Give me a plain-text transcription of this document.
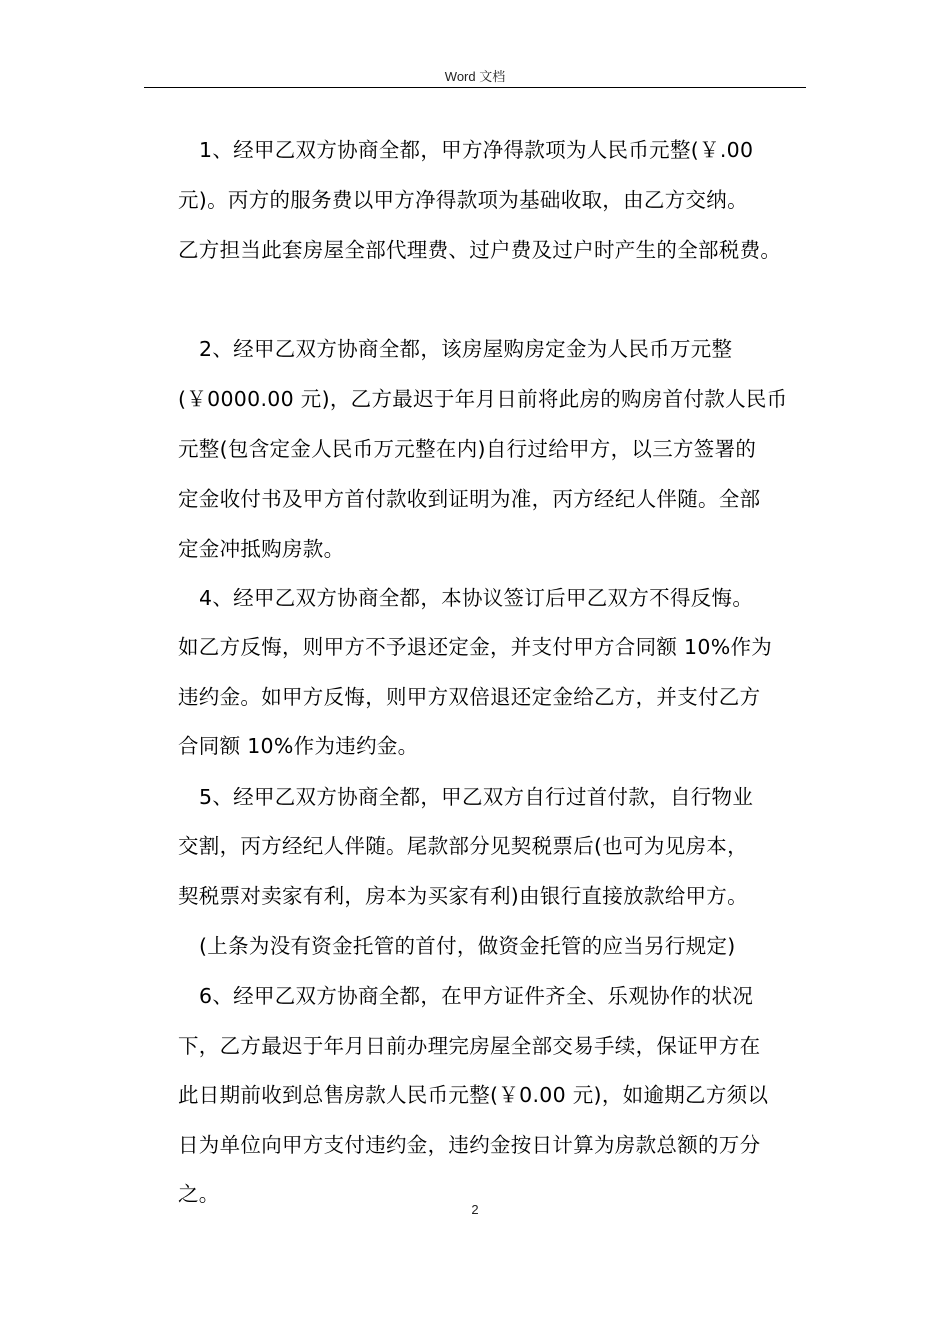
Word 文档
1、经甲乙双方协商全都，甲方净得款项为人民币元整(￥.00
元)。丙方的服务费以甲方净得款项为基础收取，由乙方交纳。
乙方担当此套房屋全部代理费、过户费及过户时产生的全部税费。
2、经甲乙双方协商全都，该房屋购房定金为人民币万元整
(￥0000.00 元)，乙方最迟于年月日前将此房的购房首付款人民币
元整(包含定金人民币万元整在内)自行过给甲方，以三方签署的
定金收付书及甲方首付款收到证明为准，丙方经纪人伴随。全部
定金冲抵购房款。
4、经甲乙双方协商全都，本协议签订后甲乙双方不得反悔。
如乙方反悔，则甲方不予退还定金，并支付甲方合同额 10%作为
违约金。如甲方反悔，则甲方双倍退还定金给乙方，并支付乙方
合同额 10%作为违约金。
5、经甲乙双方协商全都，甲乙双方自行过首付款，自行物业
交割，丙方经纪人伴随。尾款部分见契税票后(也可为见房本，
契税票对卖家有利，房本为买家有利)由银行直接放款给甲方。
(上条为没有资金托管的首付，做资金托管的应当另行规定)
6、经甲乙双方协商全都，在甲方证件齐全、乐观协作的状况
下，乙方最迟于年月日前办理完房屋全部交易手续，保证甲方在
此日期前收到总售房款人民币元整(￥0.00 元)，如逾期乙方须以
日为单位向甲方支付违约金，违约金按日计算为房款总额的万分
之。
2
